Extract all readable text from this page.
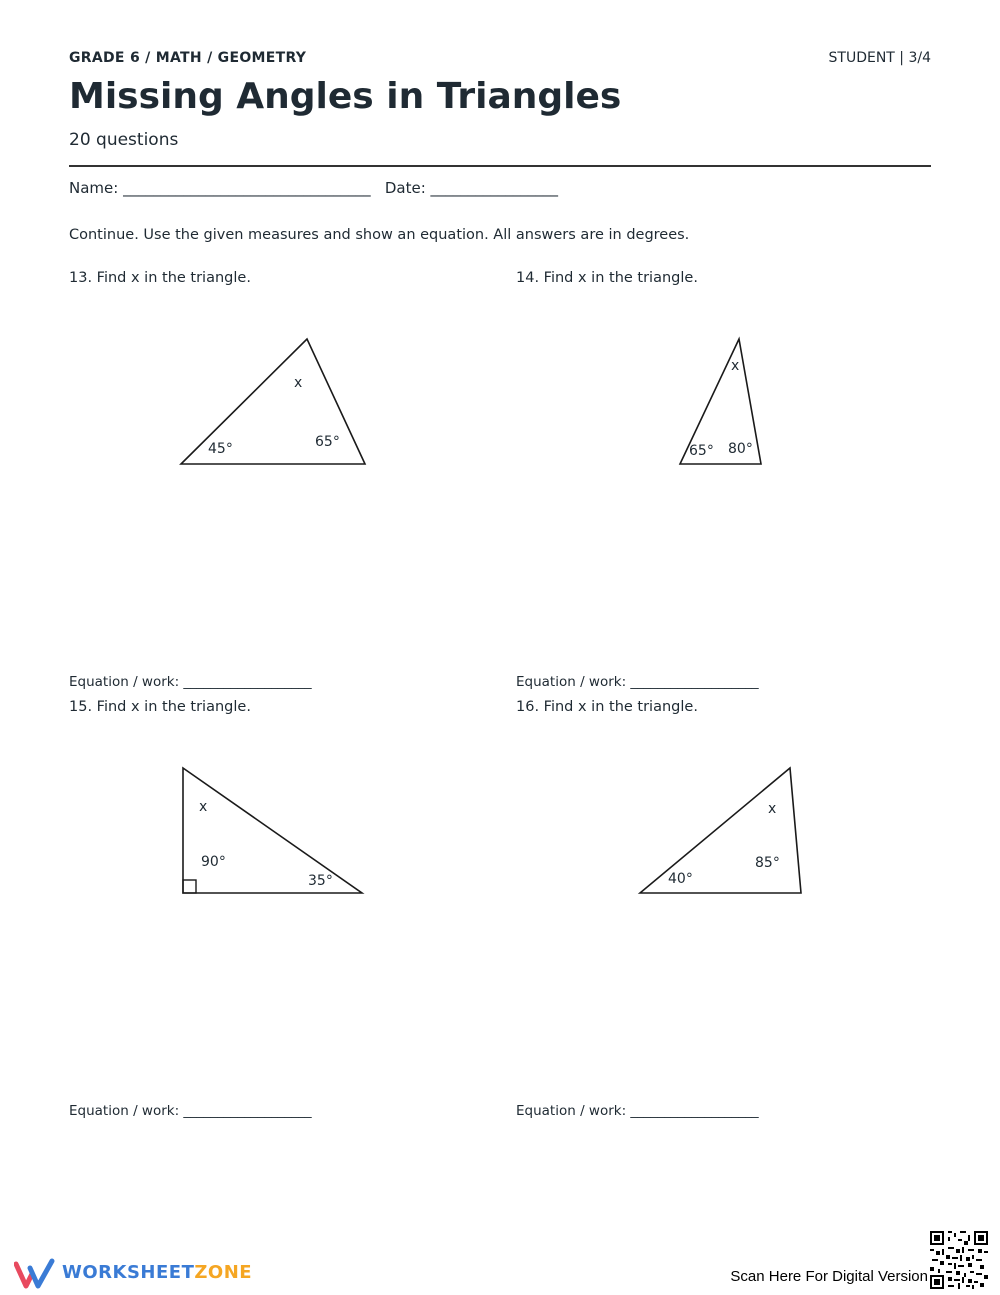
GRADE 6 / MATH / GEOMETRY	STUDENT | 3/4
Missing Angles in Triangles
20 questions
Name: _________________________________   Date: _________________
Continue. Use the given measures and show an equation. All answers are in degrees.
13. Find x in the triangle.
45°	65°
x
65° 80°
x
90°
35°
x
40°
85°
x
Equation / work: ___________________
14. Find x in the triangle.
Equation / work: ___________________
15. Find x in the triangle.
Equation / work: ___________________
16. Find x in the triangle.
Equation / work: ___________________
WORKSHEETZONE	Scan Here For Digital Version
